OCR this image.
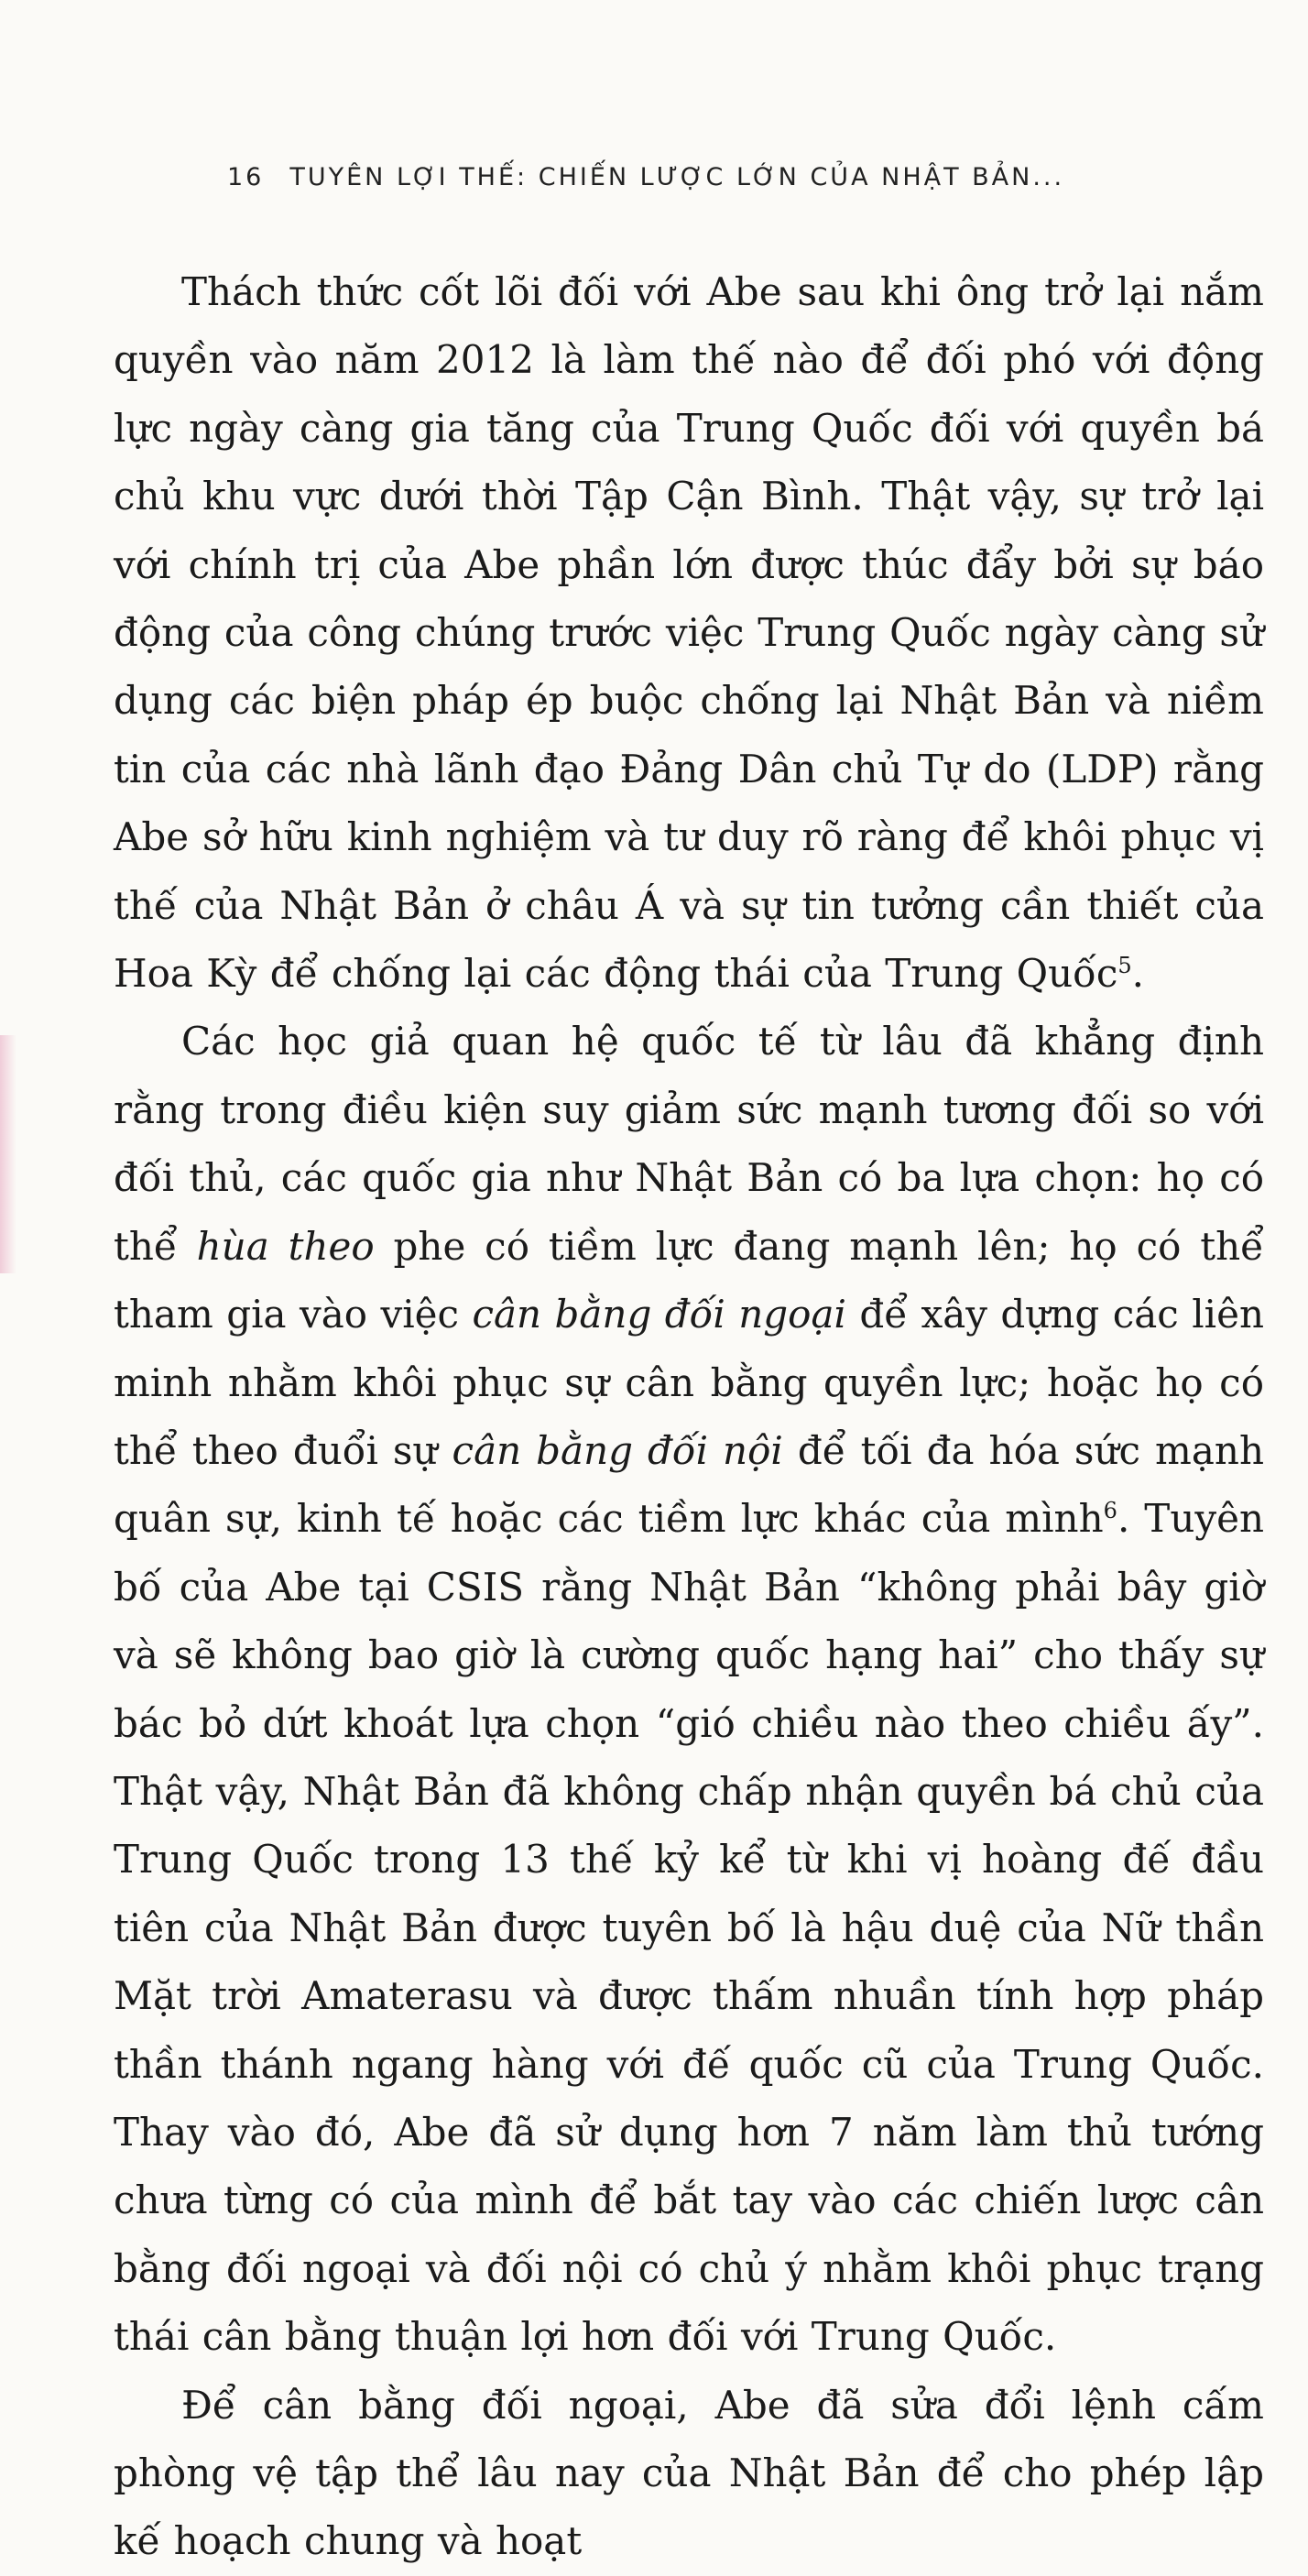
16 TUYÊN LỢI THẾ: CHIẾN LƯỢC LỚN CỦA NHẬT BẢN...

Thách thức cốt lõi đối với Abe sau khi ông trở lại nắm quyền vào năm 2012 là làm thế nào để đối phó với động lực ngày càng gia tăng của Trung Quốc đối với quyền bá chủ khu vực dưới thời Tập Cận Bình. Thật vậy, sự trở lại với chính trị của Abe phần lớn được thúc đẩy bởi sự báo động của công chúng trước việc Trung Quốc ngày càng sử dụng các biện pháp ép buộc chống lại Nhật Bản và niềm tin của các nhà lãnh đạo Đảng Dân chủ Tự do (LDP) rằng Abe sở hữu kinh nghiệm và tư duy rõ ràng để khôi phục vị thế của Nhật Bản ở châu Á và sự tin tưởng cần thiết của Hoa Kỳ để chống lại các động thái của Trung Quốc$^5$.

Các học giả quan hệ quốc tế từ lâu đã khẳng định rằng trong điều kiện suy giảm sức mạnh tương đối so với đối thủ, các quốc gia như Nhật Bản có ba lựa chọn: họ có thể hùa theo phe có tiềm lực đang mạnh lên; họ có thể tham gia vào việc cân bằng đối ngoại để xây dựng các liên minh nhằm khôi phục sự cân bằng quyền lực; hoặc họ có thể theo đuổi sự cân bằng đối nội để tối đa hóa sức mạnh quân sự, kinh tế hoặc các tiềm lực khác của mình$^6$. Tuyên bố của Abe tại CSIS rằng Nhật Bản “không phải bây giờ và sẽ không bao giờ là cường quốc hạng hai” cho thấy sự bác bỏ dứt khoát lựa chọn “gió chiều nào theo chiều ấy”. Thật vậy, Nhật Bản đã không chấp nhận quyền bá chủ của Trung Quốc trong 13 thế kỷ kể từ khi vị hoàng đế đầu tiên của Nhật Bản được tuyên bố là hậu duệ của Nữ thần Mặt trời Amaterasu và được thấm nhuần tính hợp pháp thần thánh ngang hàng với đế quốc cũ của Trung Quốc. Thay vào đó, Abe đã sử dụng hơn 7 năm làm thủ tướng chưa từng có của mình để bắt tay vào các chiến lược cân bằng đối ngoại và đối nội có chủ ý nhằm khôi phục trạng thái cân bằng thuận lợi hơn đối với Trung Quốc.

Để cân bằng đối ngoại, Abe đã sửa đổi lệnh cấm phòng vệ tập thể lâu nay của Nhật Bản để cho phép lập kế hoạch chung và hoạt
